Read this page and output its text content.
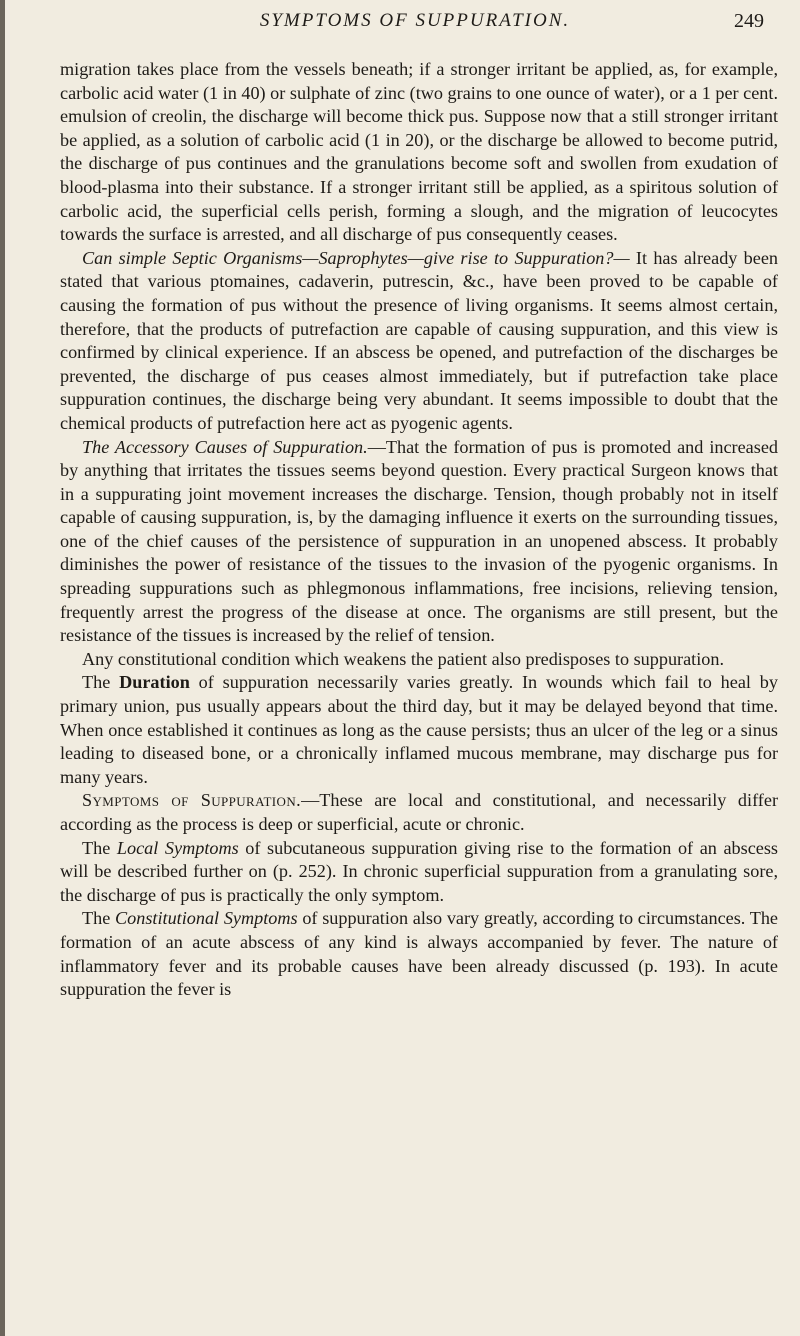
SYMPTOMS OF SUPPURATION.	249

migration takes place from the vessels beneath; if a stronger irritant be applied, as, for example, carbolic acid water (1 in 40) or sulphate of zinc (two grains to one ounce of water), or a 1 per cent. emulsion of creolin, the discharge will become thick pus. Suppose now that a still stronger irritant be applied, as a solution of carbolic acid (1 in 20), or the discharge be allowed to become putrid, the discharge of pus continues and the granulations become soft and swollen from exudation of blood-plasma into their substance. If a stronger irritant still be applied, as a spiritous solution of carbolic acid, the superficial cells perish, forming a slough, and the migration of leucocytes towards the surface is arrested, and all discharge of pus consequently ceases.

Can simple Septic Organisms—Saprophytes—give rise to Suppuration?— It has already been stated that various ptomaines, cadaverin, putrescin, &c., have been proved to be capable of causing the formation of pus without the presence of living organisms. It seems almost certain, therefore, that the products of putrefaction are capable of causing suppuration, and this view is confirmed by clinical experience. If an abscess be opened, and putrefaction of the discharges be prevented, the discharge of pus ceases almost immediately, but if putrefaction take place suppuration continues, the discharge being very abundant. It seems impossible to doubt that the chemical products of putrefaction here act as pyogenic agents.

The Accessory Causes of Suppuration.—That the formation of pus is promoted and increased by anything that irritates the tissues seems beyond question. Every practical Surgeon knows that in a suppurating joint movement increases the discharge. Tension, though probably not in itself capable of causing suppuration, is, by the damaging influence it exerts on the surrounding tissues, one of the chief causes of the persistence of suppuration in an unopened abscess. It probably diminishes the power of resistance of the tissues to the invasion of the pyogenic organisms. In spreading suppurations such as phlegmonous inflammations, free incisions, relieving tension, frequently arrest the progress of the disease at once. The organisms are still present, but the resistance of the tissues is increased by the relief of tension.

Any constitutional condition which weakens the patient also predisposes to suppuration.

The Duration of suppuration necessarily varies greatly. In wounds which fail to heal by primary union, pus usually appears about the third day, but it may be delayed beyond that time. When once established it continues as long as the cause persists; thus an ulcer of the leg or a sinus leading to diseased bone, or a chronically inflamed mucous membrane, may discharge pus for many years.

Symptoms of Suppuration.—These are local and constitutional, and necessarily differ according as the process is deep or superficial, acute or chronic.

The Local Symptoms of subcutaneous suppuration giving rise to the formation of an abscess will be described further on (p. 252). In chronic superficial suppuration from a granulating sore, the discharge of pus is practically the only symptom.

The Constitutional Symptoms of suppuration also vary greatly, according to circumstances. The formation of an acute abscess of any kind is always accompanied by fever. The nature of inflammatory fever and its probable causes have been already discussed (p. 193). In acute suppuration the fever is
